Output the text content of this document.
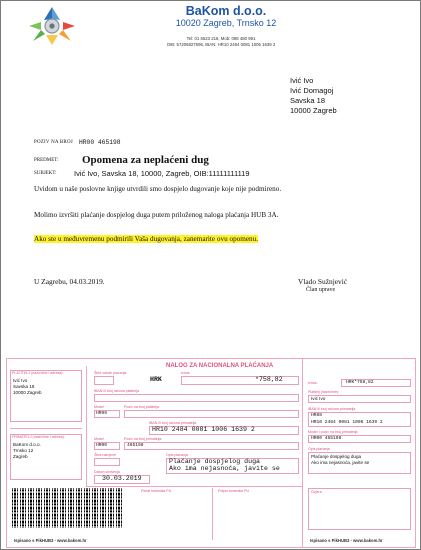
BaKom d.o.o.
10020 Zagreb, Trnsko 12
Tel: 01 6523 218, Mob: 098 480 991
OIB: 57206827596, IBAN: HR10 2484 0081 1006 1639 2
Ivić Ivo
Ivić Domagoj
Savska 18
10000 Zagreb
POZIV NA BROJ HR00 465198
PREDMET: Opomena za neplaćeni dug
SUBJEKT: Ivić Ivo, Savska 18, 10000, Zagreb, OIB:11111111119
Uvidom u naše poslovne knjige utvrdili smo dospjelo dugovanje koje nije podmireno.
Molimo izvršiti plaćanje dospjelog duga putem priloženog naloga plaćanja HUB 3A.
Ako ste u međuvremenu podmirili Vaša dugovanja, zanemarite ovu opomenu.
U Zagrebu, 04.03.2019.	Vlado Sužnjević
Član uprave
NALOG ZA NACIONALNA PLAĆANJA
PLATITELJ (naziv/ime i adresa):
Ivić Ivo
Savska 18
10000 Zagreb
PRIMATELJ (naziv/ime i adresa):
BaKom d.o.o.
Trnsko 12
Zagreb
Šifra valute plaćanja
HRK
Iznos
*758,82
IBAN ili broj računa platitelja
Model	Poziv na broj platitelja
HR99
IBAN ili broj računa primatelja
HR10 2484 0081 1006 1639 2
Model	Poziv na broj primatelja
HR00	465198
Šifra namjene	Opis plaćanja
Plaćanje dospjelog duga
Ako ima nejasnoća, javite se
Datum izvršenja
30.03.2019
Pečat korisnika PU	Potpis korisnika PU
Iznos:	HRK*758,82
Platitelj (naziv/ime):
Ivić Ivo
IBAN ili broj računa primatelja
HR88
HR10 2484 0081 1006 1639 2
Model i poziv na broj primatelja
HR00 465198
Opis plaćanja
Plaćanje dospjelog duga
Ako ima nejasnoća, javite se
Ovjera
Ispisano s PikHUB3 - www.bakom.hr	Ispisano s PikHUB3 - www.bakom.hr
